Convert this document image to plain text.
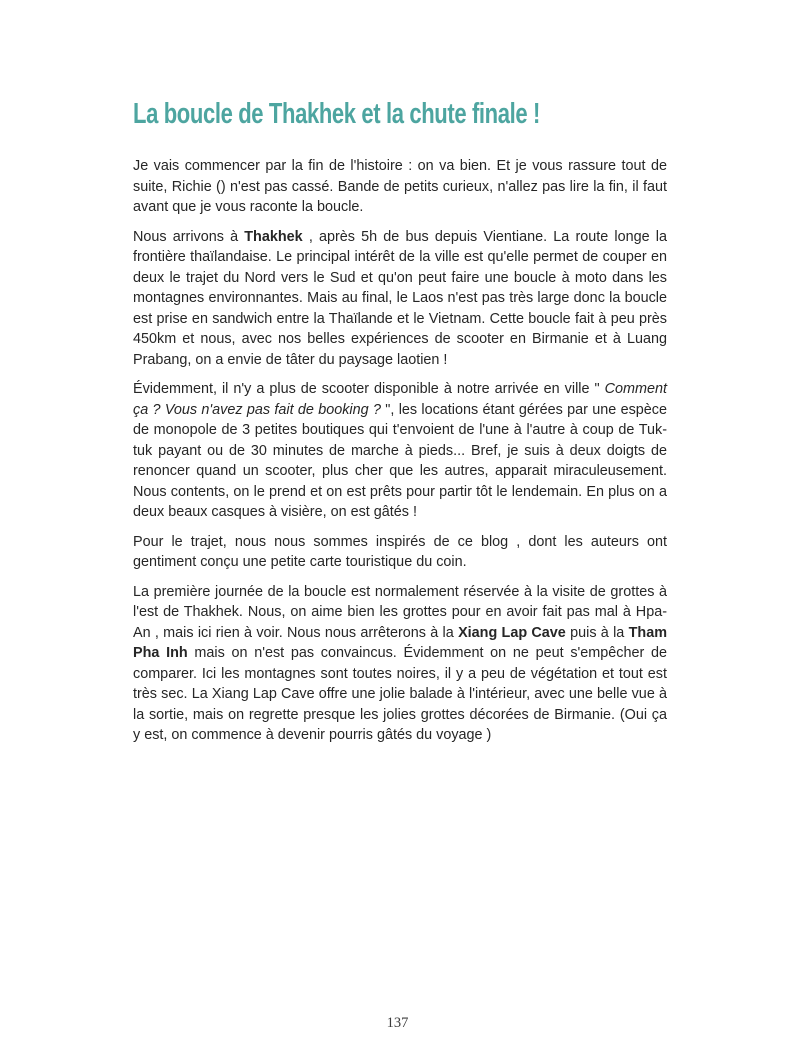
La boucle de Thakhek et la chute finale !

Je vais commencer par la fin de l'histoire : on va bien. Et je vous rassure tout de suite, Richie () n'est pas cassé. Bande de petits curieux, n'allez pas lire la fin, il faut avant que je vous raconte la boucle.

Nous arrivons à Thakhek , après 5h de bus depuis Vientiane. La route longe la frontière thaïlandaise. Le principal intérêt de la ville est qu'elle permet de couper en deux le trajet du Nord vers le Sud et qu'on peut faire une boucle à moto dans les montagnes environnantes. Mais au final, le Laos n'est pas très large donc la boucle est prise en sandwich entre la Thaïlande et le Vietnam. Cette boucle fait à peu près 450km et nous, avec nos belles expériences de scooter en Birmanie et à Luang Prabang, on a envie de tâter du paysage laotien !

Évidemment, il n'y a plus de scooter disponible à notre arrivée en ville " Comment ça ? Vous n'avez pas fait de booking ? ", les locations étant gérées par une espèce de monopole de 3 petites boutiques qui t'envoient de l'une à l'autre à coup de Tuk-tuk payant ou de 30 minutes de marche à pieds... Bref, je suis à deux doigts de renoncer quand un scooter, plus cher que les autres, apparait miraculeusement. Nous contents, on le prend et on est prêts pour partir tôt le lendemain. En plus on a deux beaux casques à visière, on est gâtés !

Pour le trajet, nous nous sommes inspirés de ce blog , dont les auteurs ont gentiment conçu une petite carte touristique du coin.

La première journée de la boucle est normalement réservée à la visite de grottes à l'est de Thakhek. Nous, on aime bien les grottes pour en avoir fait pas mal à Hpa-An , mais ici rien à voir. Nous nous arrêterons à la Xiang Lap Cave puis à la Tham Pha Inh mais on n'est pas convaincus. Évidemment on ne peut s'empêcher de comparer. Ici les montagnes sont toutes noires, il y a peu de végétation et tout est très sec. La Xiang Lap Cave offre une jolie balade à l'intérieur, avec une belle vue à la sortie, mais on regrette presque les jolies grottes décorées de Birmanie. (Oui ça y est, on commence à devenir pourris gâtés du voyage )

137
